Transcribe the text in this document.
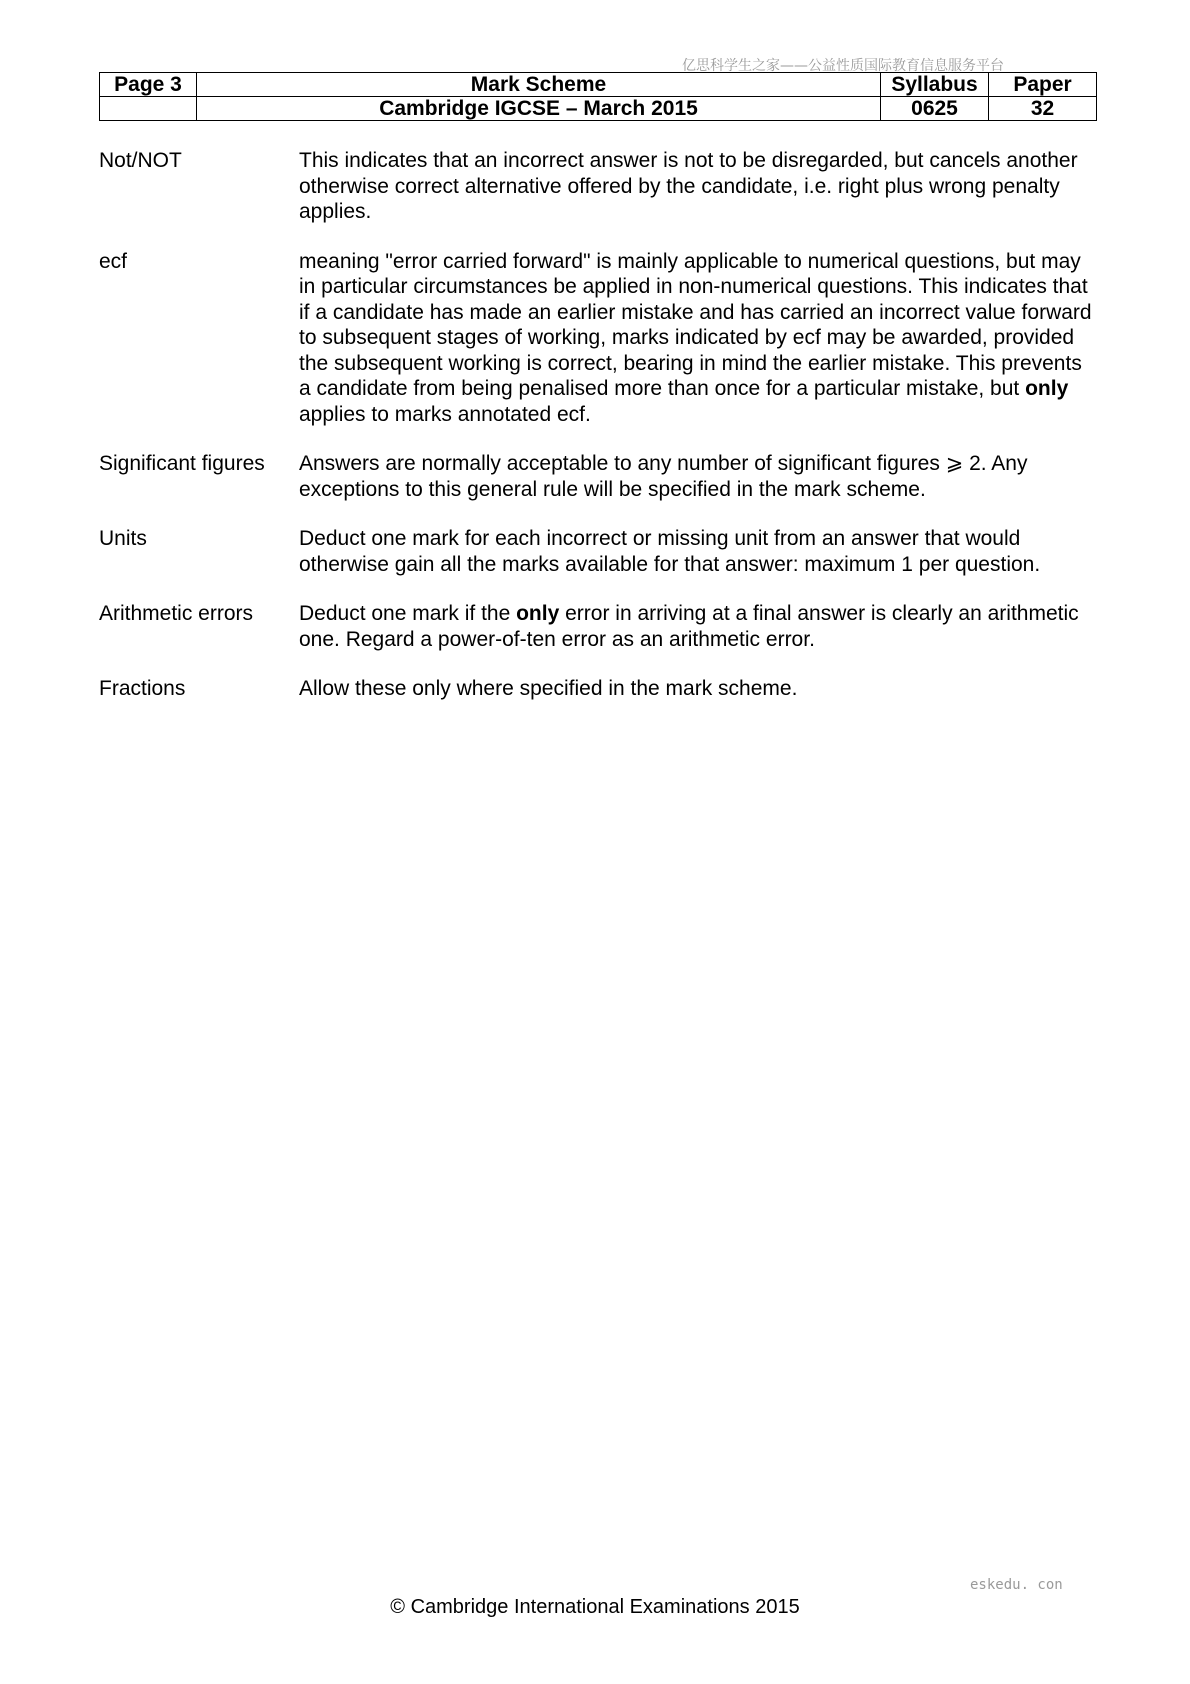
亿思科学生之家——公益性质国际教育信息服务平台
Page 3	Mark Scheme	Syllabus	Paper
	Cambridge IGCSE – March 2015	0625	32
Not/NOT	This indicates that an incorrect answer is not to be disregarded, but cancels another otherwise correct alternative offered by the candidate, i.e. right plus wrong penalty applies.
ecf	meaning "error carried forward" is mainly applicable to numerical questions, but may in particular circumstances be applied in non-numerical questions. This indicates that if a candidate has made an earlier mistake and has carried an incorrect value forward to subsequent stages of working, marks indicated by ecf may be awarded, provided the subsequent working is correct, bearing in mind the earlier mistake. This prevents a candidate from being penalised more than once for a particular mistake, but only applies to marks annotated ecf.
Significant figures	Answers are normally acceptable to any number of significant figures ⩾ 2. Any exceptions to this general rule will be specified in the mark scheme.
Units	Deduct one mark for each incorrect or missing unit from an answer that would otherwise gain all the marks available for that answer: maximum 1 per question.
Arithmetic errors	Deduct one mark if the only error in arriving at a final answer is clearly an arithmetic one. Regard a power-of-ten error as an arithmetic error.
Fractions	Allow these only where specified in the mark scheme.
eskedu. con
© Cambridge International Examinations 2015
